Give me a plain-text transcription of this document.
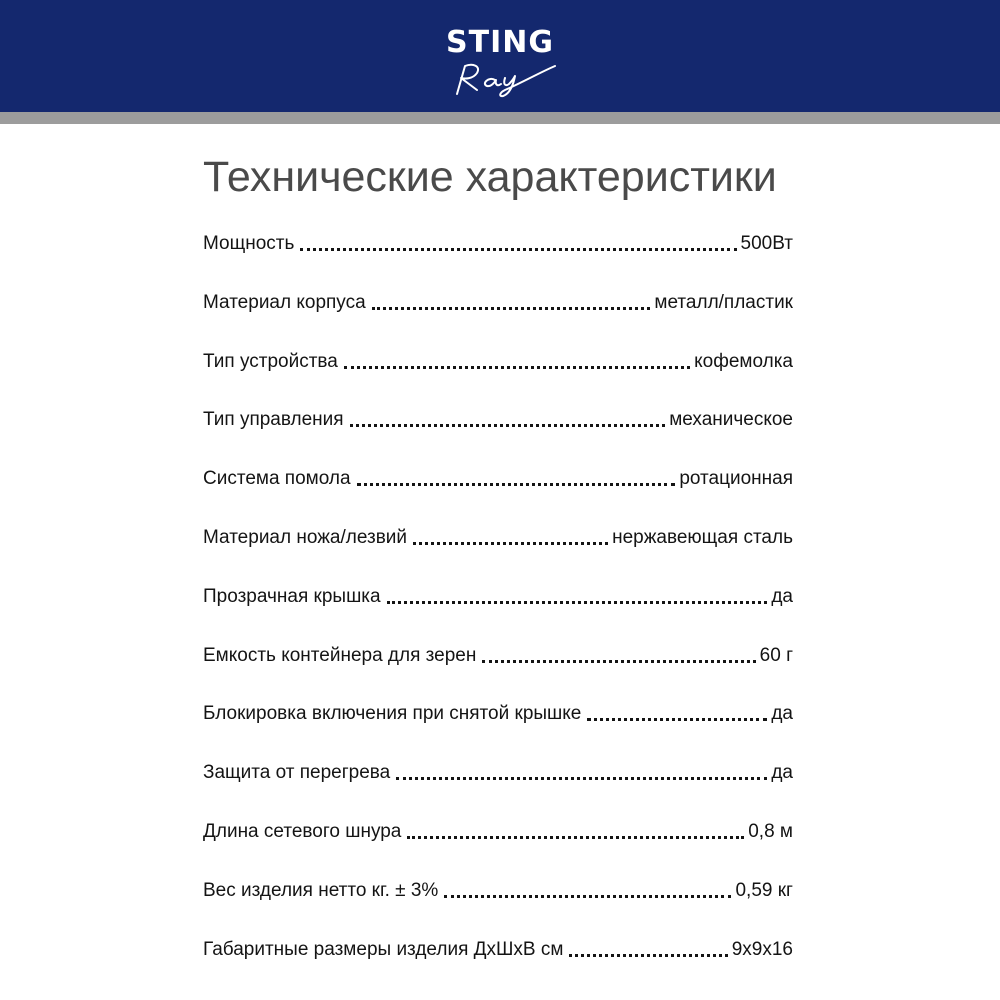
STING
Технические характеристики
Мощность	500Вт
Материал корпуса	металл/пластик
Тип устройства	кофемолка
Тип управления	механическое
Система помола	ротационная
Материал ножа/лезвий	нержавеющая сталь
Прозрачная крышка	да
Емкость контейнера для зерен	60 г
Блокировка включения при снятой крышке	да
Защита от перегрева	да
Длина сетевого шнура	0,8 м
Вес изделия нетто кг. ± 3%	0,59 кг
Габаритные размеры изделия ДхШхВ см	9х9х16
